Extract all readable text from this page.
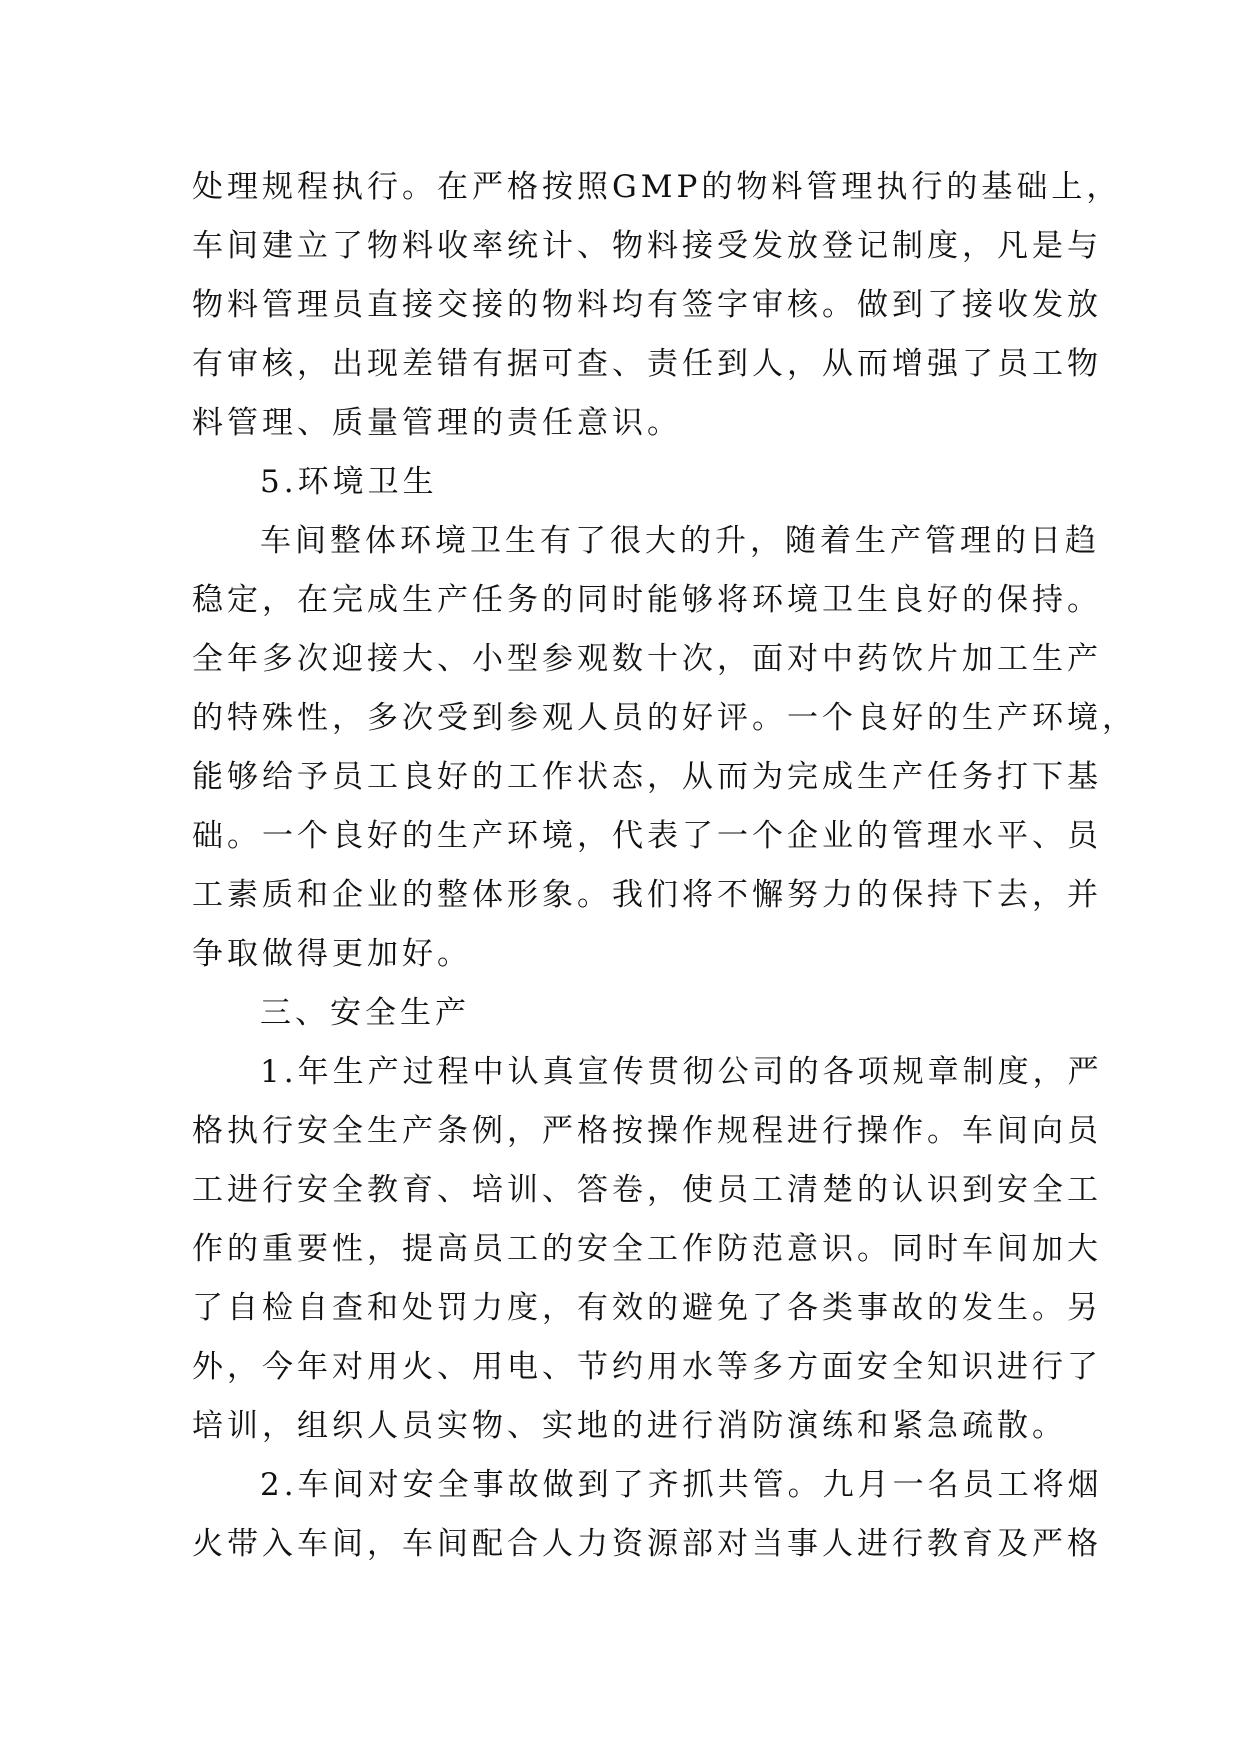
处理规程执行。在严格按照GMP的物料管理执行的基础上，
车间建立了物料收率统计、物料接受发放登记制度，凡是与
物料管理员直接交接的物料均有签字审核。做到了接收发放
有审核，出现差错有据可查、责任到人，从而增强了员工物
料管理、质量管理的责任意识。
5.环境卫生
车间整体环境卫生有了很大的升，随着生产管理的日趋
稳定，在完成生产任务的同时能够将环境卫生良好的保持。
全年多次迎接大、小型参观数十次，面对中药饮片加工生产
的特殊性，多次受到参观人员的好评。一个良好的生产环境，
能够给予员工良好的工作状态，从而为完成生产任务打下基
础。一个良好的生产环境，代表了一个企业的管理水平、员
工素质和企业的整体形象。我们将不懈努力的保持下去，并
争取做得更加好。
三、安全生产
1.年生产过程中认真宣传贯彻公司的各项规章制度，严
格执行安全生产条例，严格按操作规程进行操作。车间向员
工进行安全教育、培训、答卷，使员工清楚的认识到安全工
作的重要性，提高员工的安全工作防范意识。同时车间加大
了自检自查和处罚力度，有效的避免了各类事故的发生。另
外，今年对用火、用电、节约用水等多方面安全知识进行了
培训，组织人员实物、实地的进行消防演练和紧急疏散。
2.车间对安全事故做到了齐抓共管。九月一名员工将烟
火带入车间，车间配合人力资源部对当事人进行教育及严格
